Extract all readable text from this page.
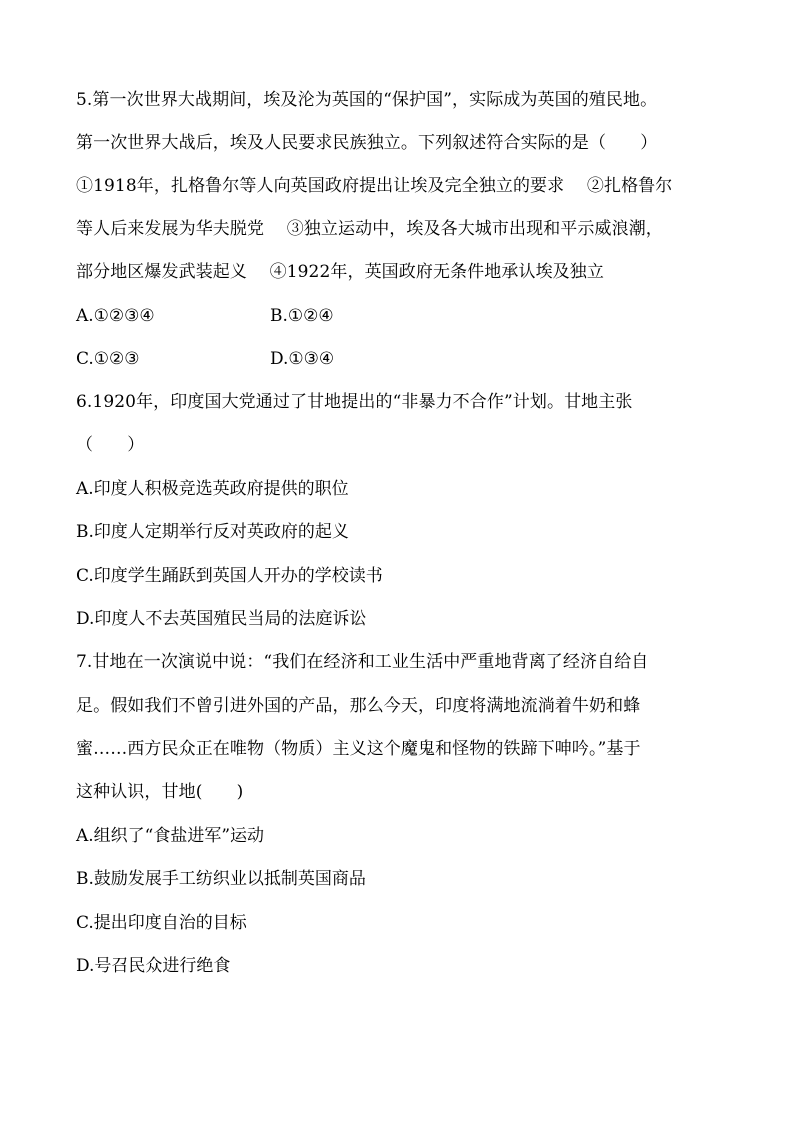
5.第一次世界大战期间，埃及沦为英国的“保护国”，实际成为英国的殖民地。
第一次世界大战后，埃及人民要求民族独立。下列叙述符合实际的是（　　）
①1918年，扎格鲁尔等人向英国政府提出让埃及完全独立的要求　 ②扎格鲁尔
等人后来发展为华夫脱党　 ③独立运动中，埃及各大城市出现和平示威浪潮，
部分地区爆发武装起义　 ④1922年，英国政府无条件地承认埃及独立
A.①②③④	B.①②④
C.①②③	D.①③④
6.1920年，印度国大党通过了甘地提出的“非暴力不合作”计划。甘地主张
（　　）
A.印度人积极竞选英政府提供的职位
B.印度人定期举行反对英政府的起义
C.印度学生踊跃到英国人开办的学校读书
D.印度人不去英国殖民当局的法庭诉讼
7.甘地在一次演说中说：“我们在经济和工业生活中严重地背离了经济自给自
足。假如我们不曾引进外国的产品，那么今天，印度将满地流淌着牛奶和蜂
蜜……西方民众正在唯物（物质）主义这个魔鬼和怪物的铁蹄下呻吟。”基于
这种认识，甘地(　　)
A.组织了“食盐进军”运动
B.鼓励发展手工纺织业以抵制英国商品
C.提出印度自治的目标
D.号召民众进行绝食
